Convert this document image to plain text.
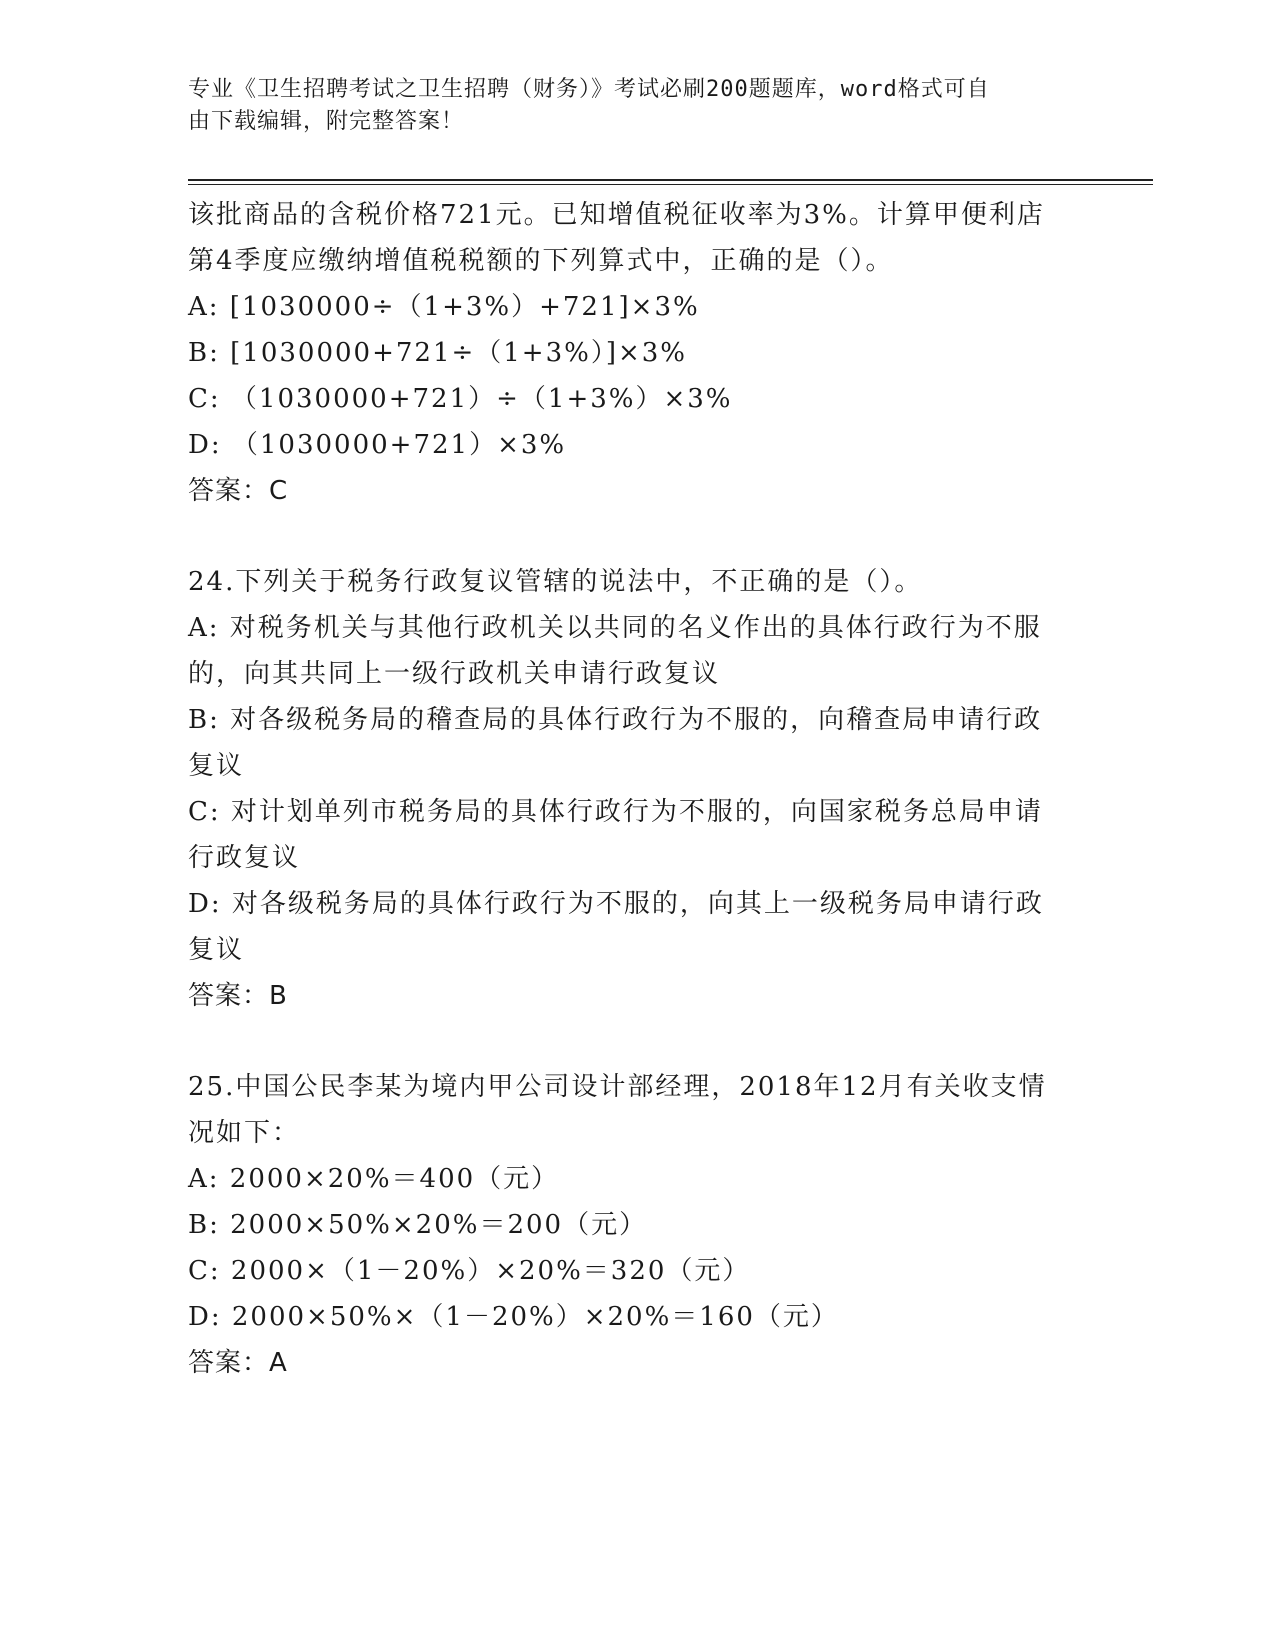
专业《卫生招聘考试之卫生招聘（财务）》考试必刷200题题库，word格式可自
由下载编辑，附完整答案！
该批商品的含税价格721元。已知增值税征收率为3%。计算甲便利店
第4季度应缴纳增值税税额的下列算式中，正确的是（）。
A: [1030000÷（1+3%）+721]×3%
B: [1030000+721÷（1+3%）]×3%
C: （1030000+721）÷（1+3%）×3%
D: （1030000+721）×3%
答案：C
24.下列关于税务行政复议管辖的说法中，不正确的是（）。
A: 对税务机关与其他行政机关以共同的名义作出的具体行政行为不服
的，向其共同上一级行政机关申请行政复议
B: 对各级税务局的稽查局的具体行政行为不服的，向稽查局申请行政
复议
C: 对计划单列市税务局的具体行政行为不服的，向国家税务总局申请
行政复议
D: 对各级税务局的具体行政行为不服的，向其上一级税务局申请行政
复议
答案：B
25.中国公民李某为境内甲公司设计部经理，2018年12月有关收支情
况如下：
A: 2000×20%＝400（元）
B: 2000×50%×20%＝200（元）
C: 2000×（1－20%）×20%＝320（元）
D: 2000×50%×（1－20%）×20%＝160（元）
答案：A
